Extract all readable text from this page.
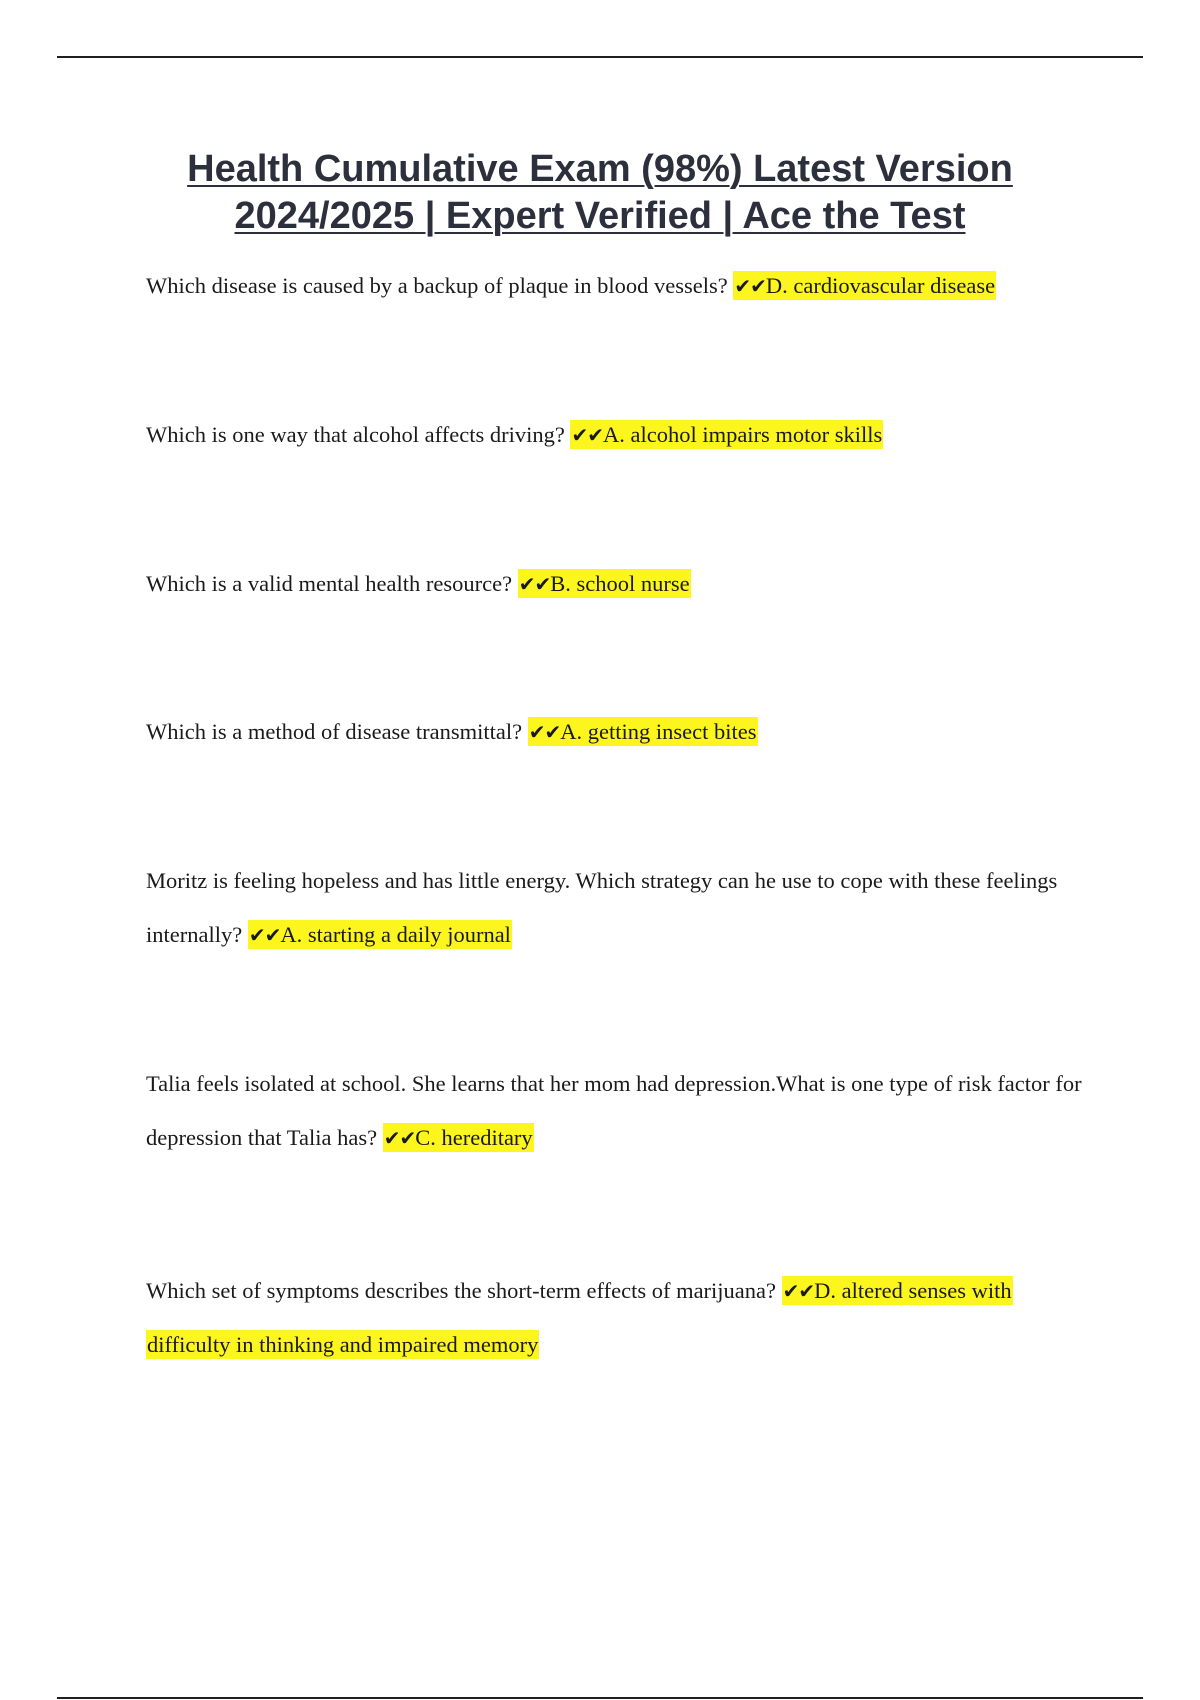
Health Cumulative Exam (98%) Latest Version 2024/2025 | Expert Verified | Ace the Test
Which disease is caused by a backup of plaque in blood vessels? ✔✔D. cardiovascular disease
Which is one way that alcohol affects driving? ✔✔A. alcohol impairs motor skills
Which is a valid mental health resource? ✔✔B. school nurse
Which is a method of disease transmittal? ✔✔A. getting insect bites
Moritz is feeling hopeless and has little energy. Which strategy can he use to cope with these feelings internally? ✔✔A. starting a daily journal
Talia feels isolated at school. She learns that her mom had depression.What is one type of risk factor for depression that Talia has? ✔✔C. hereditary
Which set of symptoms describes the short-term effects of marijuana? ✔✔D. altered senses with difficulty in thinking and impaired memory
